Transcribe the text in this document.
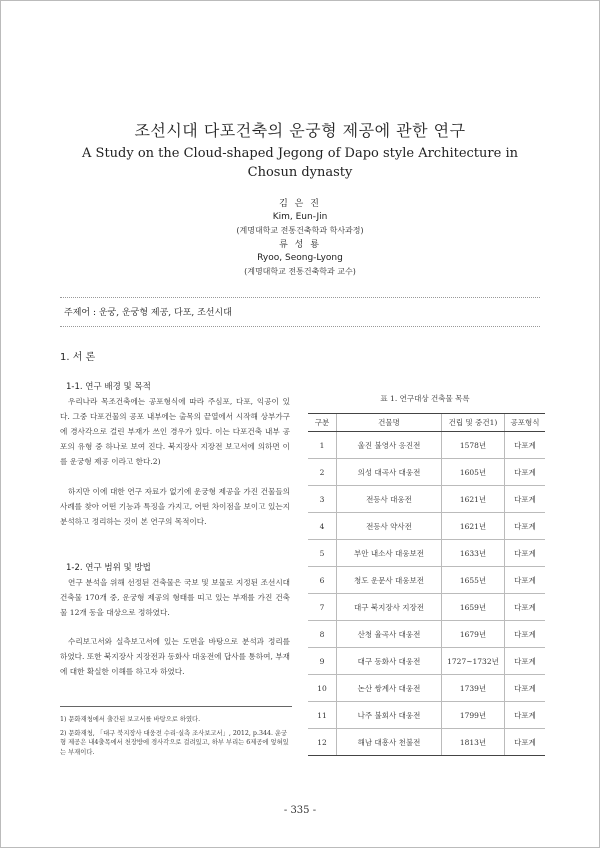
조선시대 다포건축의 운궁형 제공에 관한 연구
A Study on the Cloud-shaped Jegong of Dapo style Architecture in Chosun dynasty
김 은 진
Kim, Eun-Jin
(계명대학교 전통건축학과 학사과정)
류 성 룡
Ryoo, Seong-Lyong
(계명대학교 전통건축학과 교수)
주제어 : 운궁, 운궁형 제공, 다포, 조선시대
1. 서 론
1-1. 연구 배경 및 목적
우리나라 목조건축에는 공포형식에 따라 주심포, 다포, 익공이 있다. 그중 다포건물의 공포 내부에는 출목의 끝열에서 시작해 상부가구에 경사각으로 걸린 부재가 쓰인 경우가 있다. 이는 다포건축 내부 공포의 유형 중 하나로 보여 진다. 북지장사 지장전 보고서에 의하면 이를 운궁형 제공 이라고 한다.2)
하지만 이에 대한 연구 자료가 없기에 운궁형 제공을 가진 건물들의 사례를 찾아 어떤 기능과 특징을 가지고, 어떤 차이점을 보이고 있는지 분석하고 정리하는 것이 본 연구의 목적이다.
1-2. 연구 범위 및 방법
연구 분석을 위해 선정된 건축물은 국보 및 보물로 지정된 조선시대 건축물 170개 중, 운궁형 제공의 형태를 띠고 있는 부재를 가진 건축물 12개 동을 대상으로 정하였다.
수리보고서와 실측보고서에 있는 도면을 바탕으로 분석과 정리를 하였다. 또한 북지장사 지장전과 동화사 대웅전에 답사를 통하여, 부재에 대한 확실한 이해를 하고자 하였다.

1) 문화재청에서 출간된 보고서를 바탕으로 하였다.

2) 문화재청, 「대구 북지장사 대웅전 수리·실측 조사보고서」, 2012, p.344. 운궁형 제공은 내4출목에서 천장방에 경사각으로 걸려있고, 하부 부리는 6제공에 엎혀있는 부재이다.

표 1. 연구대상 건축물 목록
구분	건물명	건립 및 중건1)	공포형식
1	울진 불영사 응진전	1578년	다포계
2	의성 대곡사 대웅전	1605년	다포계
3	전등사 대웅전	1621년	다포계
4	전등사 약사전	1621년	다포계
5	부안 내소사 대웅보전	1633년	다포계
6	청도 운문사 대웅보전	1655년	다포계
7	대구 북지장사 지장전	1659년	다포계
8	산청 율곡사 대웅전	1679년	다포계
9	대구 동화사 대웅전	1727~1732년	다포계
10	논산 쌍계사 대웅전	1739년	다포계
11	나주 불회사 대웅전	1799년	다포계
12	해남 대흥사 천불전	1813년	다포계
- 335 -
